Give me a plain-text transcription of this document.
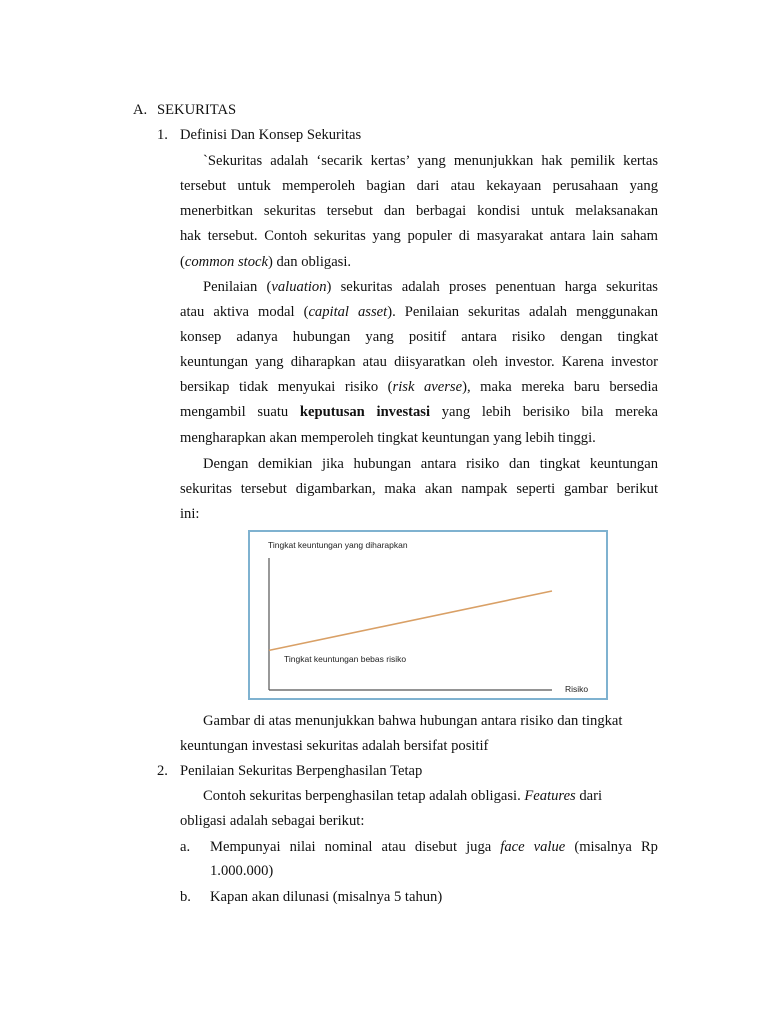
A. SEKURITAS
1. Definisi Dan Konsep Sekuritas
`Sekuritas adalah ‘secarik kertas’ yang menunjukkan hak pemilik kertas
tersebut untuk memperoleh bagian dari atau kekayaan perusahaan yang
menerbitkan sekuritas tersebut dan berbagai kondisi untuk melaksanakan
hak tersebut. Contoh sekuritas yang populer di masyarakat antara lain saham
(common stock) dan obligasi.
Penilaian (valuation) sekuritas adalah proses penentuan harga sekuritas
atau aktiva modal (capital asset). Penilaian sekuritas adalah menggunakan
konsep adanya hubungan yang positif antara risiko dengan tingkat
keuntungan yang diharapkan atau diisyaratkan oleh investor. Karena investor
bersikap tidak menyukai risiko (risk averse), maka mereka baru bersedia
mengambil suatu keputusan investasi yang lebih berisiko bila mereka
mengharapkan akan memperoleh tingkat keuntungan yang lebih tinggi.
Dengan demikian jika hubungan antara risiko dan tingkat keuntungan
sekuritas tersebut digambarkan, maka akan nampak seperti gambar berikut
ini:
Tingkat keuntungan yang diharapkan
Tingkat keuntungan bebas risiko
Risiko
Gambar di atas menunjukkan bahwa hubungan antara risiko dan tingkat
keuntungan investasi sekuritas adalah bersifat positif
2. Penilaian Sekuritas Berpenghasilan Tetap
Contoh sekuritas berpenghasilan tetap adalah obligasi. Features dari
obligasi adalah sebagai berikut:
a. Mempunyai nilai nominal atau disebut juga face value (misalnya Rp
1.000.000)
b. Kapan akan dilunasi (misalnya 5 tahun)
